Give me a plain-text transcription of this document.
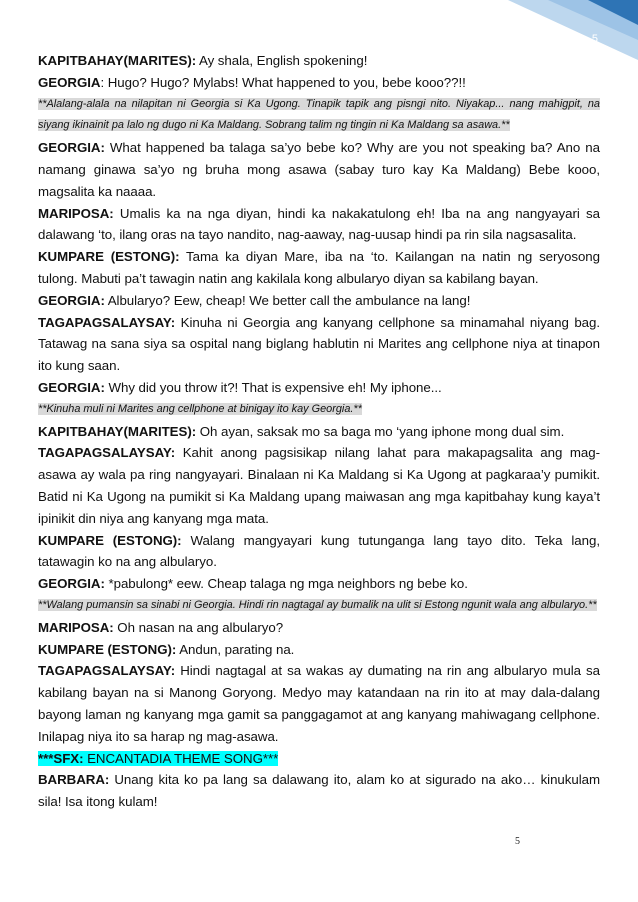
5

KAPITBAHAY(MARITES): Ay shala, English spokening!

GEORGIA: Hugo? Hugo? Mylabs! What happened to you, bebe kooo??!!

**Alalang-alala na nilapitan ni Georgia si Ka Ugong. Tinapik tapik ang pisngi nito. Niyakap... nang mahigpit, na siyang ikinainit pa lalo ng dugo ni Ka Maldang. Sobrang talim ng tingin ni Ka Maldang sa asawa.**

GEORGIA: What happened ba talaga sa’yo bebe ko? Why are you not speaking ba? Ano na namang ginawa sa’yo ng bruha mong asawa (sabay turo kay Ka Maldang) Bebe kooo, magsalita ka naaaa.

MARIPOSA: Umalis ka na nga diyan, hindi ka nakakatulong eh! Iba na ang nangyayari sa dalawang ‘to, ilang oras na tayo nandito, nag-aaway, nag-uusap hindi pa rin sila nagsasalita.

KUMPARE (ESTONG): Tama ka diyan Mare, iba na ‘to. Kailangan na natin ng seryosong tulong. Mabuti pa’t tawagin natin ang kakilala kong albularyo diyan sa kabilang bayan.

GEORGIA: Albularyo? Eew, cheap! We better call the ambulance na lang!

TAGAPAGSALAYSAY: Kinuha ni Georgia ang kanyang cellphone sa minamahal niyang bag. Tatawag na sana siya sa ospital nang biglang hablutin ni Marites ang cellphone niya at tinapon ito kung saan.

GEORGIA: Why did you throw it?! That is expensive eh! My iphone...

**Kinuha muli ni Marites ang cellphone at binigay ito kay Georgia.**

KAPITBAHAY(MARITES): Oh ayan, saksak mo sa baga mo ‘yang iphone mong dual sim.

TAGAPAGSALAYSAY: Kahit anong pagsisikap nilang lahat para makapagsalita ang mag-asawa ay wala pa ring nangyayari. Binalaan ni Ka Maldang si Ka Ugong at pagkaraa’y pumikit. Batid ni Ka Ugong na pumikit si Ka Maldang upang maiwasan ang mga kapitbahay kung kaya’t ipinikit din niya ang kanyang mga mata.

KUMPARE (ESTONG): Walang mangyayari kung tutunganga lang tayo dito. Teka lang, tatawagin ko na ang albularyo.

GEORGIA: *pabulong* eew. Cheap talaga ng mga neighbors ng bebe ko.

**Walang pumansin sa sinabi ni Georgia. Hindi rin nagtagal ay bumalik na ulit si Estong ngunit wala ang albularyo.**

MARIPOSA: Oh nasan na ang albularyo?

KUMPARE (ESTONG): Andun, parating na.

TAGAPAGSALAYSAY: Hindi nagtagal at sa wakas ay dumating na rin ang albularyo mula sa kabilang bayan na si Manong Goryong. Medyo may katandaan na rin ito at may dala-dalang bayong laman ng kanyang mga gamit sa panggagamot at ang kanyang mahiwagang cellphone. Inilapag niya ito sa harap ng mag-asawa.

***SFX: ENCANTADIA THEME SONG***

BARBARA: Unang kita ko pa lang sa dalawang ito, alam ko at sigurado na ako… kinukulam sila! Isa itong kulam!

5
